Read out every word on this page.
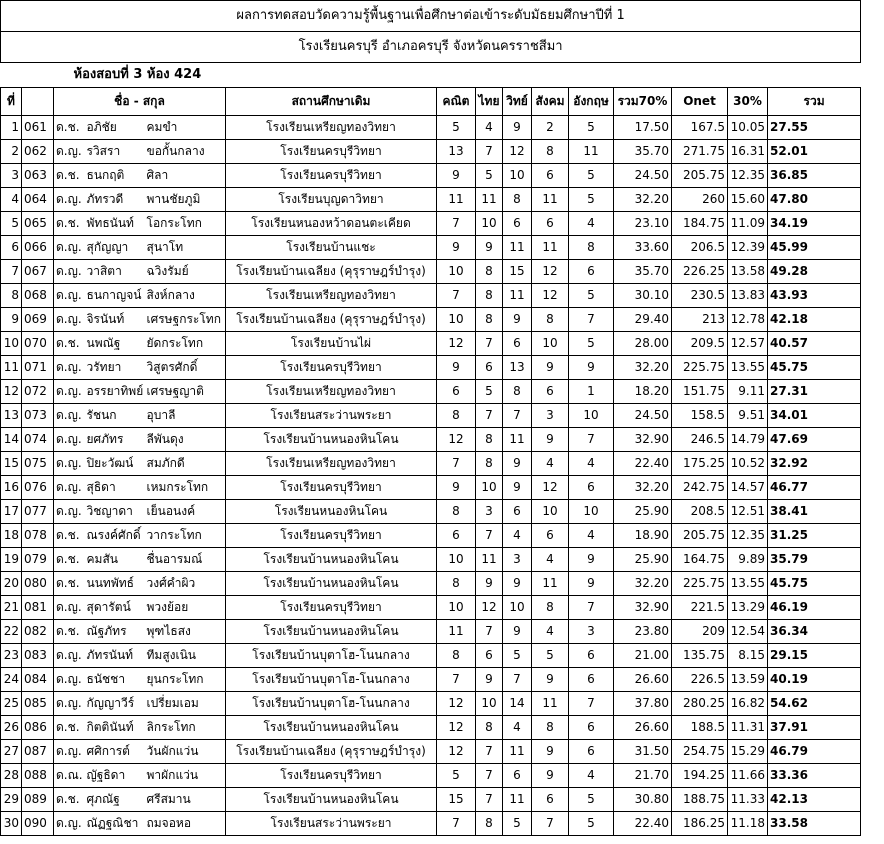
ผลการทดสอบวัดความรู้พื้นฐานเพื่อศึกษาต่อเข้าระดับมัธยมศึกษาปีที่ 1														
โรงเรียนครบุรี อำเภอครบุรี จังหวัดนครราชสีมา														
		ห้องสอบที่ 3 ห้อง 424												
ที่		ชื่อ - สกุล			สถานศึกษาเดิม	คณิต	ไทย	วิทย์	สังคม	อังกฤษ	รวม70%	Onet	30%	รวม
1	061	ด.ช.	อภิชัย	คมขำ	โรงเรียนเหรียญทองวิทยา	5	4	9	2	5	17.50	167.5	10.05	27.55
2	062	ด.ญ.	รวิสรา	ขอกั้นกลาง	โรงเรียนครบุรีวิทยา	13	7	12	8	11	35.70	271.75	16.31	52.01
3	063	ด.ช.	ธนกฤติ	ศิลา	โรงเรียนครบุรีวิทยา	9	5	10	6	5	24.50	205.75	12.35	36.85
4	064	ด.ญ.	ภัทรวดี	พานชัยภูมิ	โรงเรียนบุญดาวิทยา	11	11	8	11	5	32.20	260	15.60	47.80
5	065	ด.ช.	พัทธนันท์	โอกระโทก	โรงเรียนหนองหว้าดอนตะเคียด	7	10	6	6	4	23.10	184.75	11.09	34.19
6	066	ด.ญ.	สุกัญญา	สุนาโท	โรงเรียนบ้านแชะ	9	9	11	11	8	33.60	206.5	12.39	45.99
7	067	ด.ญ.	วาสิตา	ฉวิงรัมย์	โรงเรียนบ้านเฉลียง (คุรุราษฎร์บำรุง)	10	8	15	12	6	35.70	226.25	13.58	49.28
8	068	ด.ญ.	ธนกาญจน์	สิงห์กลาง	โรงเรียนเหรียญทองวิทยา	7	8	11	12	5	30.10	230.5	13.83	43.93
9	069	ด.ญ.	จิรนันท์	เศรษฐกระโทก	โรงเรียนบ้านเฉลียง (คุรุราษฎร์บำรุง)	10	8	9	8	7	29.40	213	12.78	42.18
10	070	ด.ช.	นพณัฐ	ยัดกระโทก	โรงเรียนบ้านไผ่	12	7	6	10	5	28.00	209.5	12.57	40.57
11	071	ด.ญ.	วรัทยา	วิสูตรศักดิ์	โรงเรียนครบุรีวิทยา	9	6	13	9	9	32.20	225.75	13.55	45.75
12	072	ด.ญ.	อรรยาทิพย์	เศรษฐญาติ	โรงเรียนเหรียญทองวิทยา	6	5	8	6	1	18.20	151.75	9.11	27.31
13	073	ด.ญ.	รัชนก	อุบาลี	โรงเรียนสระว่านพระยา	8	7	7	3	10	24.50	158.5	9.51	34.01
14	074	ด.ญ.	ยศภัทร	ลีพันดุง	โรงเรียนบ้านหนองหินโคน	12	8	11	9	7	32.90	246.5	14.79	47.69
15	075	ด.ญ.	ปิยะวัฒน์	สมภักดี	โรงเรียนเหรียญทองวิทยา	7	8	9	4	4	22.40	175.25	10.52	32.92
16	076	ด.ญ.	สุธิดา	เหมกระโทก	โรงเรียนครบุรีวิทยา	9	10	9	12	6	32.20	242.75	14.57	46.77
17	077	ด.ญ.	วิชญาดา	เย็นอนงค์	โรงเรียนหนองหินโคน	8	3	6	10	10	25.90	208.5	12.51	38.41
18	078	ด.ช.	ณรงค์ศักดิ์	วากระโทก	โรงเรียนครบุรีวิทยา	6	7	4	6	4	18.90	205.75	12.35	31.25
19	079	ด.ช.	คมสัน	ชื่นอารมณ์	โรงเรียนบ้านหนองหินโคน	10	11	3	4	9	25.90	164.75	9.89	35.79
20	080	ด.ช.	นนทพัทธ์	วงศ์คำผิว	โรงเรียนบ้านหนองหินโคน	8	9	9	11	9	32.20	225.75	13.55	45.75
21	081	ด.ญ.	สุดารัตน์	พวงย้อย	โรงเรียนครบุรีวิทยา	10	12	10	8	7	32.90	221.5	13.29	46.19
22	082	ด.ช.	ณัฐภัทร	พุฑไธสง	โรงเรียนบ้านหนองหินโคน	11	7	9	4	3	23.80	209	12.54	36.34
23	083	ด.ญ.	ภัทรนันท์	ทีมสูงเนิน	โรงเรียนบ้านบุตาโฮ-โนนกลาง	8	6	5	5	6	21.00	135.75	8.15	29.15
24	084	ด.ญ.	ธนัชชา	ยุนกระโทก	โรงเรียนบ้านบุตาโฮ-โนนกลาง	7	9	7	9	6	26.60	226.5	13.59	40.19
25	085	ด.ญ.	กัญญาวีร์	เปรี่ยมเอม	โรงเรียนบ้านบุตาโฮ-โนนกลาง	12	10	14	11	7	37.80	280.25	16.82	54.62
26	086	ด.ช.	กิตตินันท์	ลิกระโทก	โรงเรียนบ้านหนองหินโคน	12	8	4	8	6	26.60	188.5	11.31	37.91
27	087	ด.ญ.	ศศิการต์	วันผักแว่น	โรงเรียนบ้านเฉลียง (คุรุราษฎร์บำรุง)	12	7	11	9	6	31.50	254.75	15.29	46.79
28	088	ด.ณ.	ญัฐธิดา	พาผักแว่น	โรงเรียนครบุรีวิทยา	5	7	6	9	4	21.70	194.25	11.66	33.36
29	089	ด.ช.	ศุภณัฐ	ศรีสมาน	โรงเรียนบ้านหนองหินโคน	15	7	11	6	5	30.80	188.75	11.33	42.13
30	090	ด.ญ.	ณัฏฐณิชา	ถมจอหอ	โรงเรียนสระว่านพระยา	7	8	5	7	5	22.40	186.25	11.18	33.58
